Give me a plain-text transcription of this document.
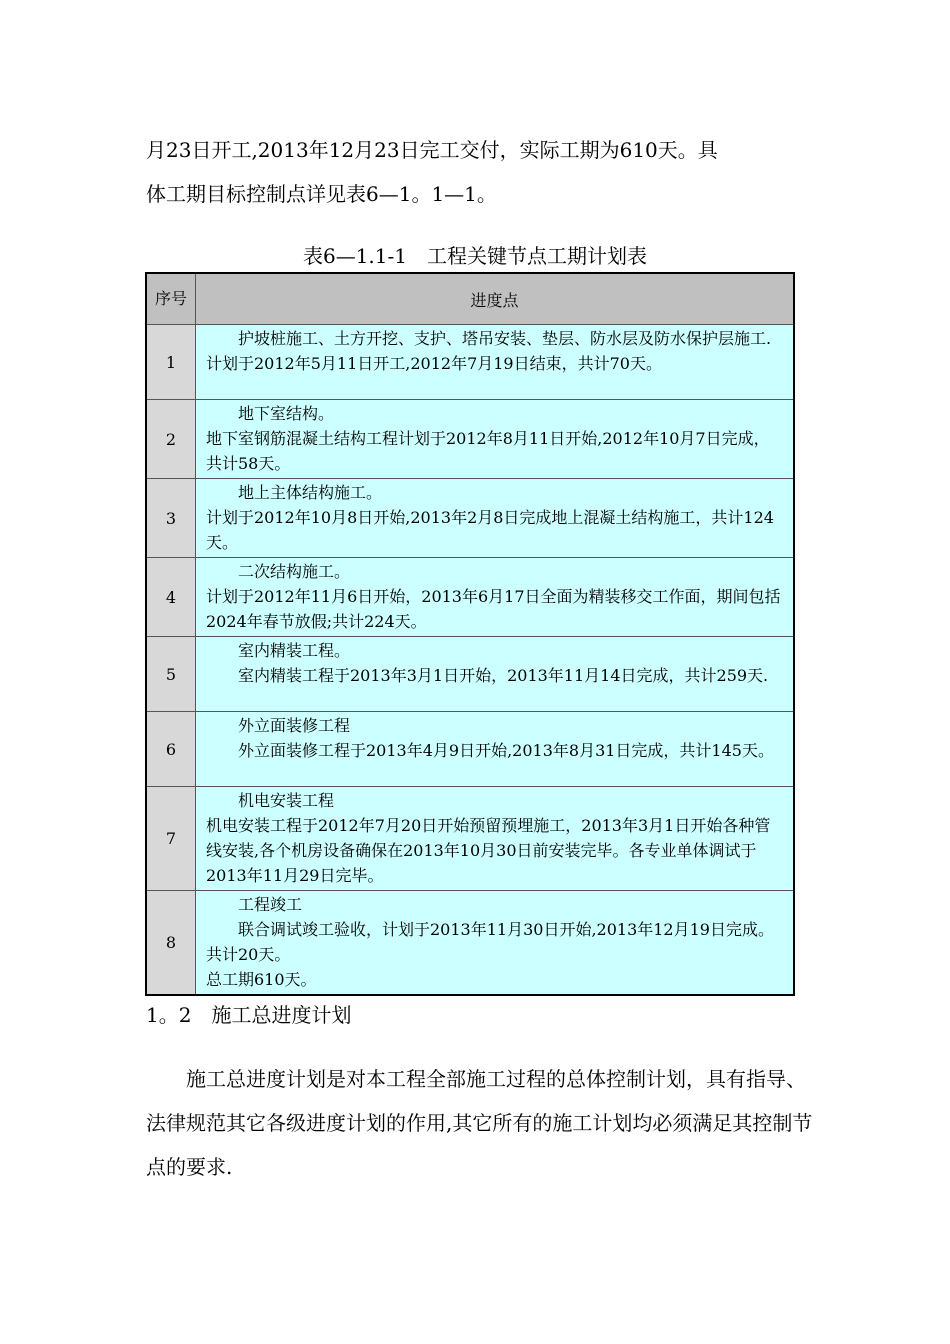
月23日开工,2013年12月23日完工交付，实际工期为610天。具
体工期目标控制点详见表6—1。1—1。
表6—1.1-1　工程关键节点工期计划表
序号	进度点
1	护坡桩施工、土方开挖、支护、塔吊安装、垫层、防水层及防水保护层施工.
计划于2012年5月11日开工,2012年7月19日结束，共计70天。

2	地下室结构。
地下室钢筋混凝土结构工程计划于2012年8月11日开始,2012年10月7日完成，共计58天。

3	地上主体结构施工。
计划于2012年10月8日开始,2013年2月8日完成地上混凝土结构施工，共计124天。

4	二次结构施工。
计划于2012年11月6日开始，2013年6月17日全面为精装移交工作面，期间包括2024年春节放假;共计224天。

5	室内精装工程。
室内精装工程于2013年3月1日开始，2013年11月14日完成，共计259天.

6	外立面装修工程
外立面装修工程于2013年4月9日开始,2013年8月31日完成，共计145天。

7	机电安装工程
机电安装工程于2012年7月20日开始预留预埋施工，2013年3月1日开始各种管线安装,各个机房设备确保在2013年10月30日前安装完毕。各专业单体调试于2013年11月29日完毕。

8	工程竣工
联合调试竣工验收，计划于2013年11月30日开始,2013年12月19日完成。共计20天。
总工期610天。
1。2　施工总进度计划

施工总进度计划是对本工程全部施工过程的总体控制计划，具有指导、法律规范其它各级进度计划的作用,其它所有的施工计划均必须满足其控制节点的要求.
